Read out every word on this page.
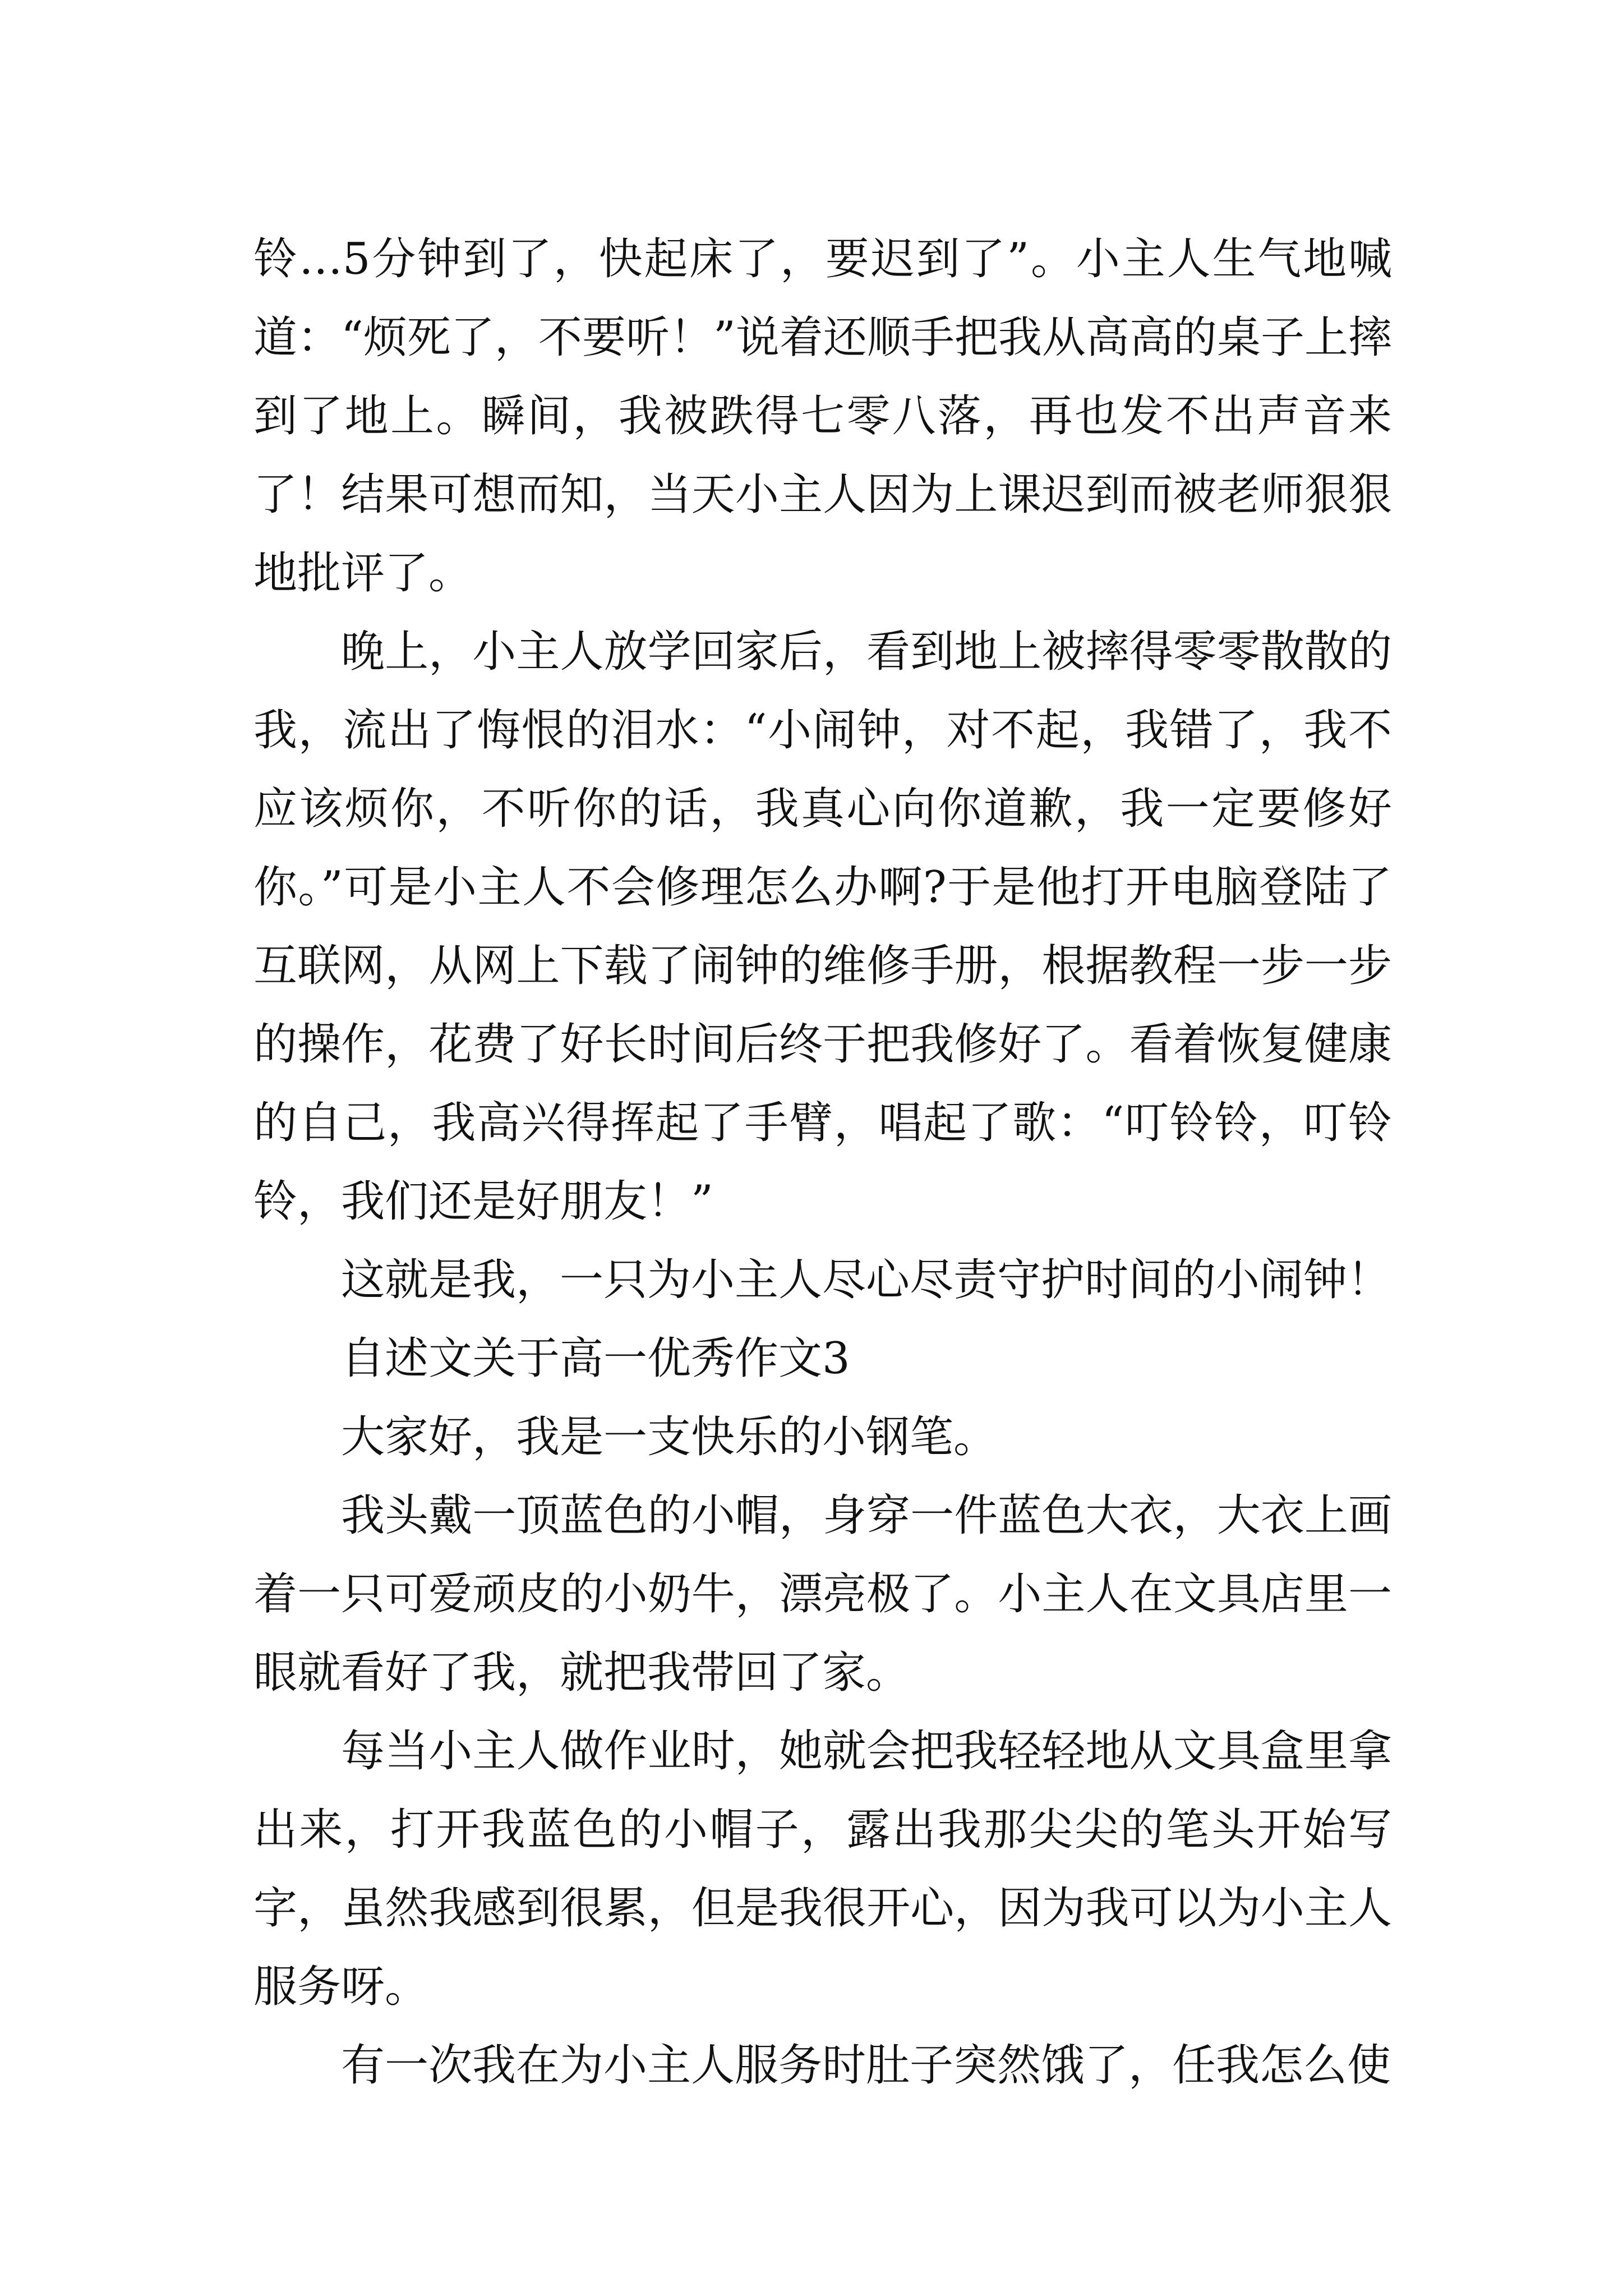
铃…5分钟到了，快起床了，要迟到了”。小主人生气地喊道：“烦死了，不要听！”说着还顺手把我从高高的桌子上摔到了地上。瞬间，我被跌得七零八落，再也发不出声音来了！结果可想而知，当天小主人因为上课迟到而被老师狠狠地批评了。

晚上，小主人放学回家后，看到地上被摔得零零散散的我，流出了悔恨的泪水：“小闹钟，对不起，我错了，我不应该烦你，不听你的话，我真心向你道歉，我一定要修好你。”可是小主人不会修理怎么办啊?于是他打开电脑登陆了互联网，从网上下载了闹钟的维修手册，根据教程一步一步的操作，花费了好长时间后终于把我修好了。看着恢复健康的自己，我高兴得挥起了手臂，唱起了歌：“叮铃铃，叮铃铃，我们还是好朋友！”

这就是我，一只为小主人尽心尽责守护时间的小闹钟！

自述文关于高一优秀作文3

大家好，我是一支快乐的小钢笔。

我头戴一顶蓝色的小帽，身穿一件蓝色大衣，大衣上画着一只可爱顽皮的小奶牛，漂亮极了。小主人在文具店里一眼就看好了我，就把我带回了家。

每当小主人做作业时，她就会把我轻轻地从文具盒里拿出来，打开我蓝色的小帽子，露出我那尖尖的笔头开始写字，虽然我感到很累，但是我很开心，因为我可以为小主人服务呀。

有一次我在为小主人服务时肚子突然饿了，任我怎么使
